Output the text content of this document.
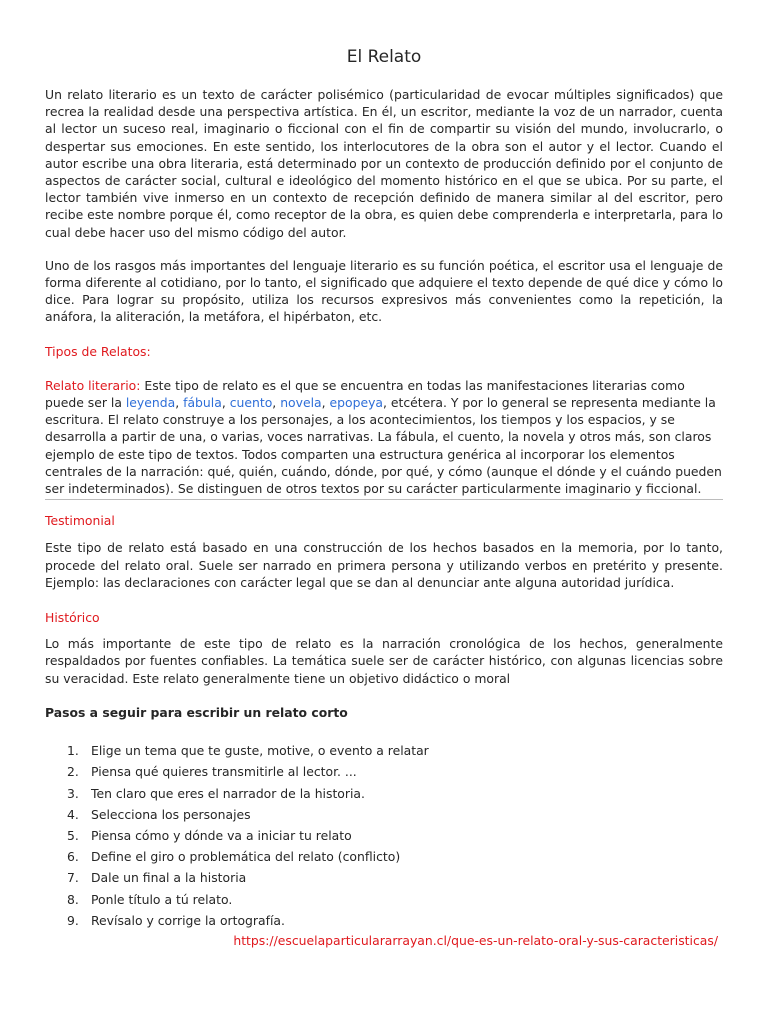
El Relato

Un relato literario es un texto de carácter polisémico (particularidad de evocar múltiples significados) que recrea la realidad desde una perspectiva artística. En él, un escritor, mediante la voz de un narrador, cuenta al lector un suceso real, imaginario o ficcional con el fin de compartir su visión del mundo, involucrarlo, o despertar sus emociones. En este sentido, los interlocutores de la obra son el autor y el lector. Cuando el autor escribe una obra literaria, está determinado por un contexto de producción definido por el conjunto de aspectos de carácter social, cultural e ideológico del momento histórico en el que se ubica. Por su parte, el lector también vive inmerso en un contexto de recepción definido de manera similar al del escritor, pero recibe este nombre porque él, como receptor de la obra, es quien debe comprenderla e interpretarla, para lo cual debe hacer uso del mismo código del autor.

Uno de los rasgos más importantes del lenguaje literario es su función poética, el escritor usa el lenguaje de forma diferente al cotidiano, por lo tanto, el significado que adquiere el texto depende de qué dice y cómo lo dice. Para lograr su propósito, utiliza los recursos expresivos más convenientes como la repetición, la anáfora, la aliteración, la metáfora, el hipérbaton, etc.

Tipos de Relatos:

Relato literario: Este tipo de relato es el que se encuentra en todas las manifestaciones literarias como puede ser la leyenda, fábula, cuento, novela, epopeya, etcétera. Y por lo general se representa mediante la escritura. El relato construye a los personajes, a los acontecimientos, los tiempos y los espacios, y se desarrolla a partir de una, o varias, voces narrativas. La fábula, el cuento, la novela y otros más, son claros ejemplo de este tipo de textos. Todos comparten una estructura genérica al incorporar los elementos centrales de la narración: qué, quién, cuándo, dónde, por qué, y cómo (aunque el dónde y el cuándo pueden ser indeterminados). Se distinguen de otros textos por su carácter particularmente imaginario y ficcional.

Testimonial

Este tipo de relato está basado en una construcción de los hechos basados en la memoria, por lo tanto, procede del relato oral. Suele ser narrado en primera persona y utilizando verbos en pretérito y presente. Ejemplo: las declaraciones con carácter legal que se dan al denunciar ante alguna autoridad jurídica.

Histórico

Lo más importante de este tipo de relato es la narración cronológica de los hechos, generalmente respaldados por fuentes confiables. La temática suele ser de carácter histórico, con algunas licencias sobre su veracidad. Este relato generalmente tiene un objetivo didáctico o moral

Pasos a seguir para escribir un relato corto

1. Elige un tema que te guste, motive, o evento a relatar
2. Piensa qué quieres transmitirle al lector. ...
3. Ten claro que eres el narrador de la historia.
4. Selecciona los personajes
5. Piensa cómo y dónde va a iniciar tu relato
6. Define el giro o problemática del relato (conflicto)
7. Dale un final a la historia
8. Ponle título a tú relato.
9. Revísalo y corrige la ortografía.

https://escuelaparticulararrayan.cl/que-es-un-relato-oral-y-sus-caracteristicas/
